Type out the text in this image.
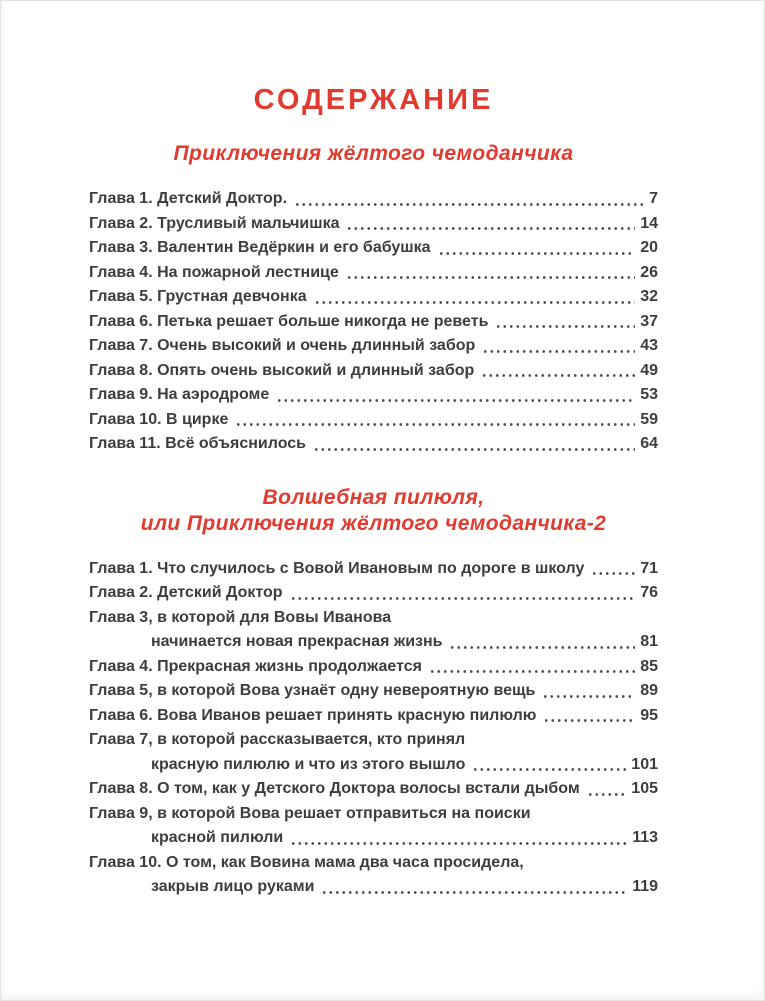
СОДЕРЖАНИЕ
Приключения жёлтого чемоданчика
Глава 1. Детский Доктор.	7
Глава 2. Трусливый мальчишка	14
Глава 3. Валентин Ведёркин и его бабушка	20
Глава 4. На пожарной лестнице	26
Глава 5. Грустная девчонка	32
Глава 6. Петька решает больше никогда не реветь	37
Глава 7. Очень высокий и очень длинный забор	43
Глава 8. Опять очень высокий и длинный забор	49
Глава 9. На аэродроме	53
Глава 10. В цирке	59
Глава 11. Всё объяснилось	64
Волшебная пилюля,
или Приключения жёлтого чемоданчика-2
Глава 1. Что случилось с Вовой Ивановым по дороге в школу	71
Глава 2. Детский Доктор	76
Глава 3, в которой для Вовы Иванова
начинается новая прекрасная жизнь	81
Глава 4. Прекрасная жизнь продолжается	85
Глава 5, в которой Вова узнаёт одну невероятную вещь	89
Глава 6. Вова Иванов решает принять красную пилюлю	95
Глава 7, в которой рассказывается, кто принял
красную пилюлю и что из этого вышло	101
Глава 8. О том, как у Детского Доктора волосы встали дыбом	105
Глава 9, в которой Вова решает отправиться на поиски
красной пилюли	113
Глава 10. О том, как Вовина мама два часа просидела,
закрыв лицо руками	119
